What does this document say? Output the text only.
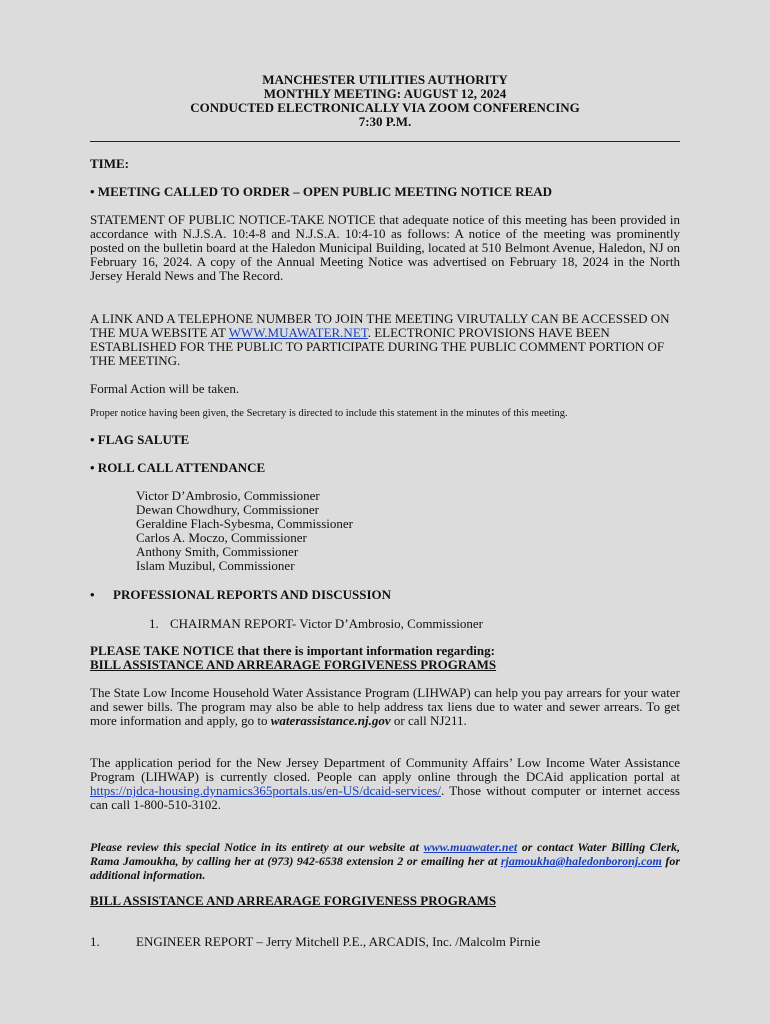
MANCHESTER UTILITIES AUTHORITY
MONTHLY MEETING: AUGUST 12, 2024
CONDUCTED ELECTRONICALLY VIA ZOOM CONFERENCING
7:30 P.M.
TIME:
• MEETING CALLED TO ORDER – OPEN PUBLIC MEETING NOTICE READ
STATEMENT OF PUBLIC NOTICE-TAKE NOTICE that adequate notice of this meeting has been provided in accordance with N.J.S.A. 10:4-8 and N.J.S.A. 10:4-10 as follows: A notice of the meeting was prominently posted on the bulletin board at the Haledon Municipal Building, located at 510 Belmont Avenue, Haledon, NJ on February 16, 2024. A copy of the Annual Meeting Notice was advertised on February 18, 2024 in the North Jersey Herald News and The Record.
A LINK AND A TELEPHONE NUMBER TO JOIN THE MEETING VIRUTALLY CAN BE ACCESSED ON THE MUA WEBSITE AT WWW.MUAWATER.NET. ELECTRONIC PROVISIONS HAVE BEEN ESTABLISHED FOR THE PUBLIC TO PARTICIPATE DURING THE PUBLIC COMMENT PORTION OF THE MEETING.
Formal Action will be taken.
Proper notice having been given, the Secretary is directed to include this statement in the minutes of this meeting.
• FLAG SALUTE
• ROLL CALL ATTENDANCE
Victor D’Ambrosio, Commissioner
Dewan Chowdhury, Commissioner
Geraldine Flach-Sybesma, Commissioner
Carlos A. Moczo, Commissioner
Anthony Smith, Commissioner
Islam Muzibul, Commissioner
• PROFESSIONAL REPORTS AND DISCUSSION
1. CHAIRMAN REPORT- Victor D’Ambrosio, Commissioner
PLEASE TAKE NOTICE that there is important information regarding:
BILL ASSISTANCE AND ARREARAGE FORGIVENESS PROGRAMS
The State Low Income Household Water Assistance Program (LIHWAP) can help you pay arrears for your water and sewer bills. The program may also be able to help address tax liens due to water and sewer arrears. To get more information and apply, go to waterassistance.nj.gov or call NJ211.
The application period for the New Jersey Department of Community Affairs’ Low Income Water Assistance Program (LIHWAP) is currently closed. People can apply online through the DCAid application portal at https://njdca-housing.dynamics365portals.us/en-US/dcaid-services/. Those without computer or internet access can call 1-800-510-3102.
Please review this special Notice in its entirety at our website at www.muawater.net or contact Water Billing Clerk, Rama Jamoukha, by calling her at (973) 942-6538 extension 2 or emailing her at rjamoukha@haledonboronj.com for additional information.
BILL ASSISTANCE AND ARREARAGE FORGIVENESS PROGRAMS
1.	ENGINEER REPORT – Jerry Mitchell P.E., ARCADIS, Inc. /Malcolm Pirnie
